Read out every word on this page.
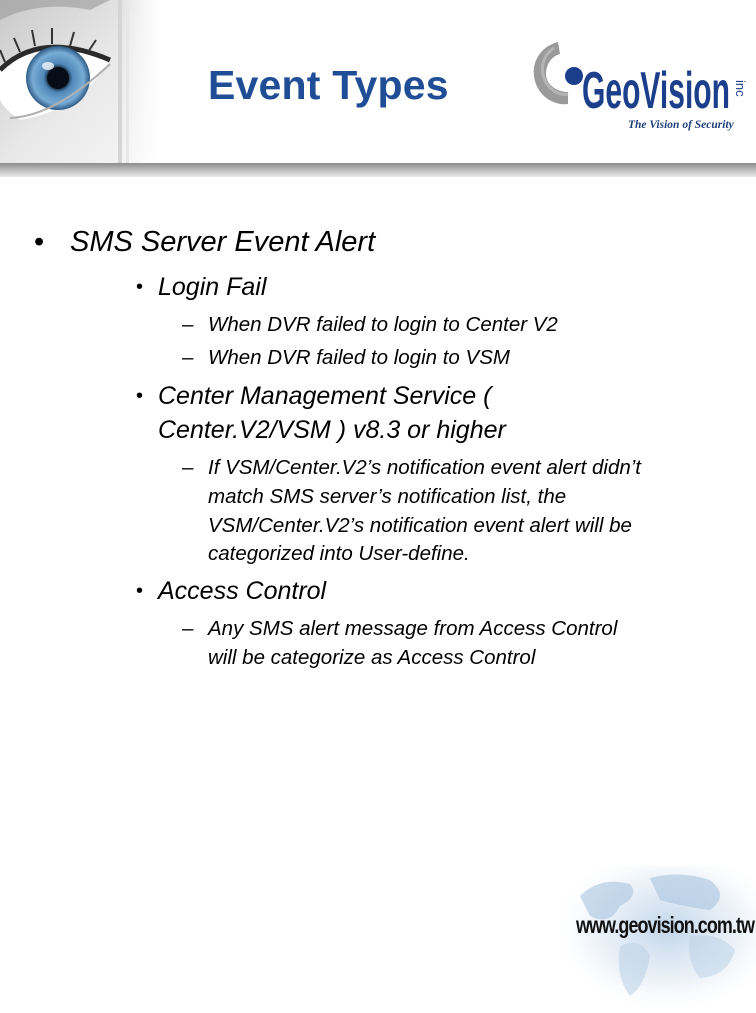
Event Types	GeoVision inc
The Vision of Security
• SMS Server Event Alert
• Login Fail
– When DVR failed to login to Center V2
– When DVR failed to login to VSM
• Center Management Service (
Center.V2/VSM ) v8.3 or higher
– If VSM/Center.V2’s notification event alert didn’t
match SMS server’s notification list, the
VSM/Center.V2’s notification event alert will be
categorized into User-define.
• Access Control
– Any SMS alert message from Access Control
will be categorize as Access Control
www.geovision.com.tw
